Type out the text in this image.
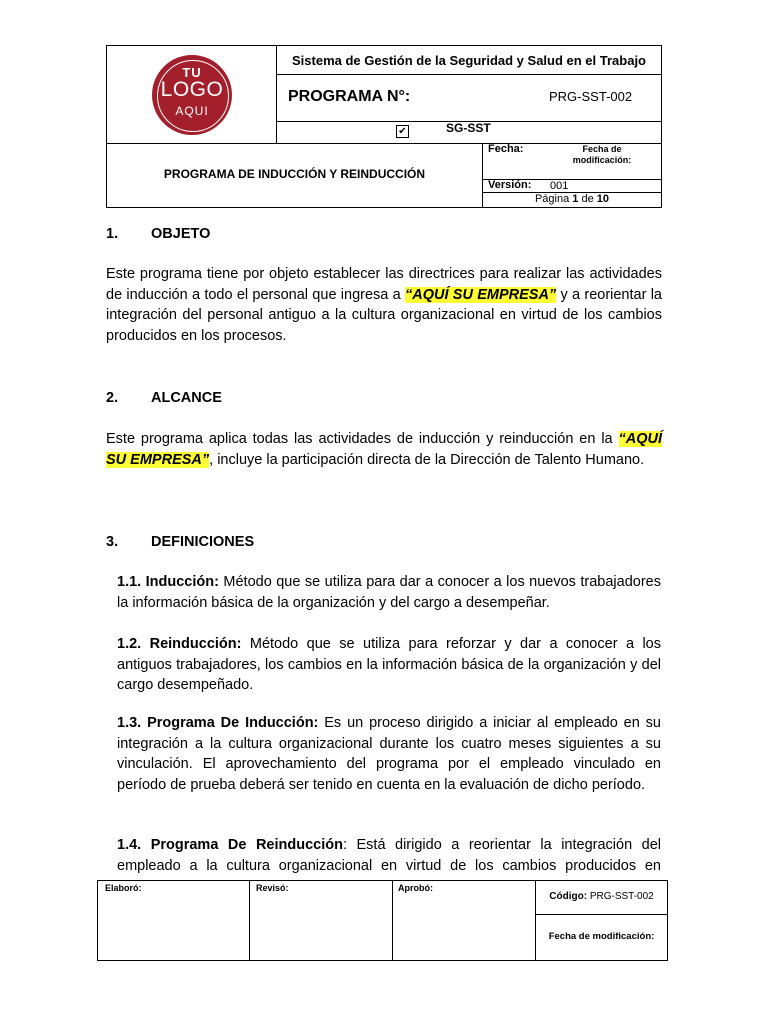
TU
LOGO
AQUI
Sistema de Gestión de la Seguridad y Salud en el Trabajo
PROGRAMA N°:	PRG-SST-002
✔	SG-SST
PROGRAMA DE INDUCCIÓN Y REINDUCCIÓN
Fecha:	Fecha de modificación:
Versión: 001
Página 1 de 10
1. OBJETO
Este programa tiene por objeto establecer las directrices para realizar las actividades de inducción a todo el personal que ingresa a “AQUÍ SU EMPRESA” y a reorientar la integración del personal antiguo a la cultura organizacional en virtud de los cambios producidos en los procesos.
2. ALCANCE
Este programa aplica todas las actividades de inducción y reinducción en la “AQUÍ SU EMPRESA”, incluye la participación directa de la Dirección de Talento Humano.
3. DEFINICIONES
1.1. Inducción: Método que se utiliza para dar a conocer a los nuevos trabajadores la información básica de la organización y del cargo a desempeñar.
1.2. Reinducción: Método que se utiliza para reforzar y dar a conocer a los antiguos trabajadores, los cambios en la información básica de la organización y del cargo desempeñado.
1.3. Programa De Inducción: Es un proceso dirigido a iniciar al empleado en su integración a la cultura organizacional durante los cuatro meses siguientes a su vinculación. El aprovechamiento del programa por el empleado vinculado en período de prueba deberá ser tenido en cuenta en la evaluación de dicho período.
1.4. Programa De Reinducción: Está dirigido a reorientar la integración del empleado a la cultura organizacional en virtud de los cambios producidos en
Elaboró:	Revisó:	Aprobó:
Código: PRG-SST-002
Fecha de modificación:
